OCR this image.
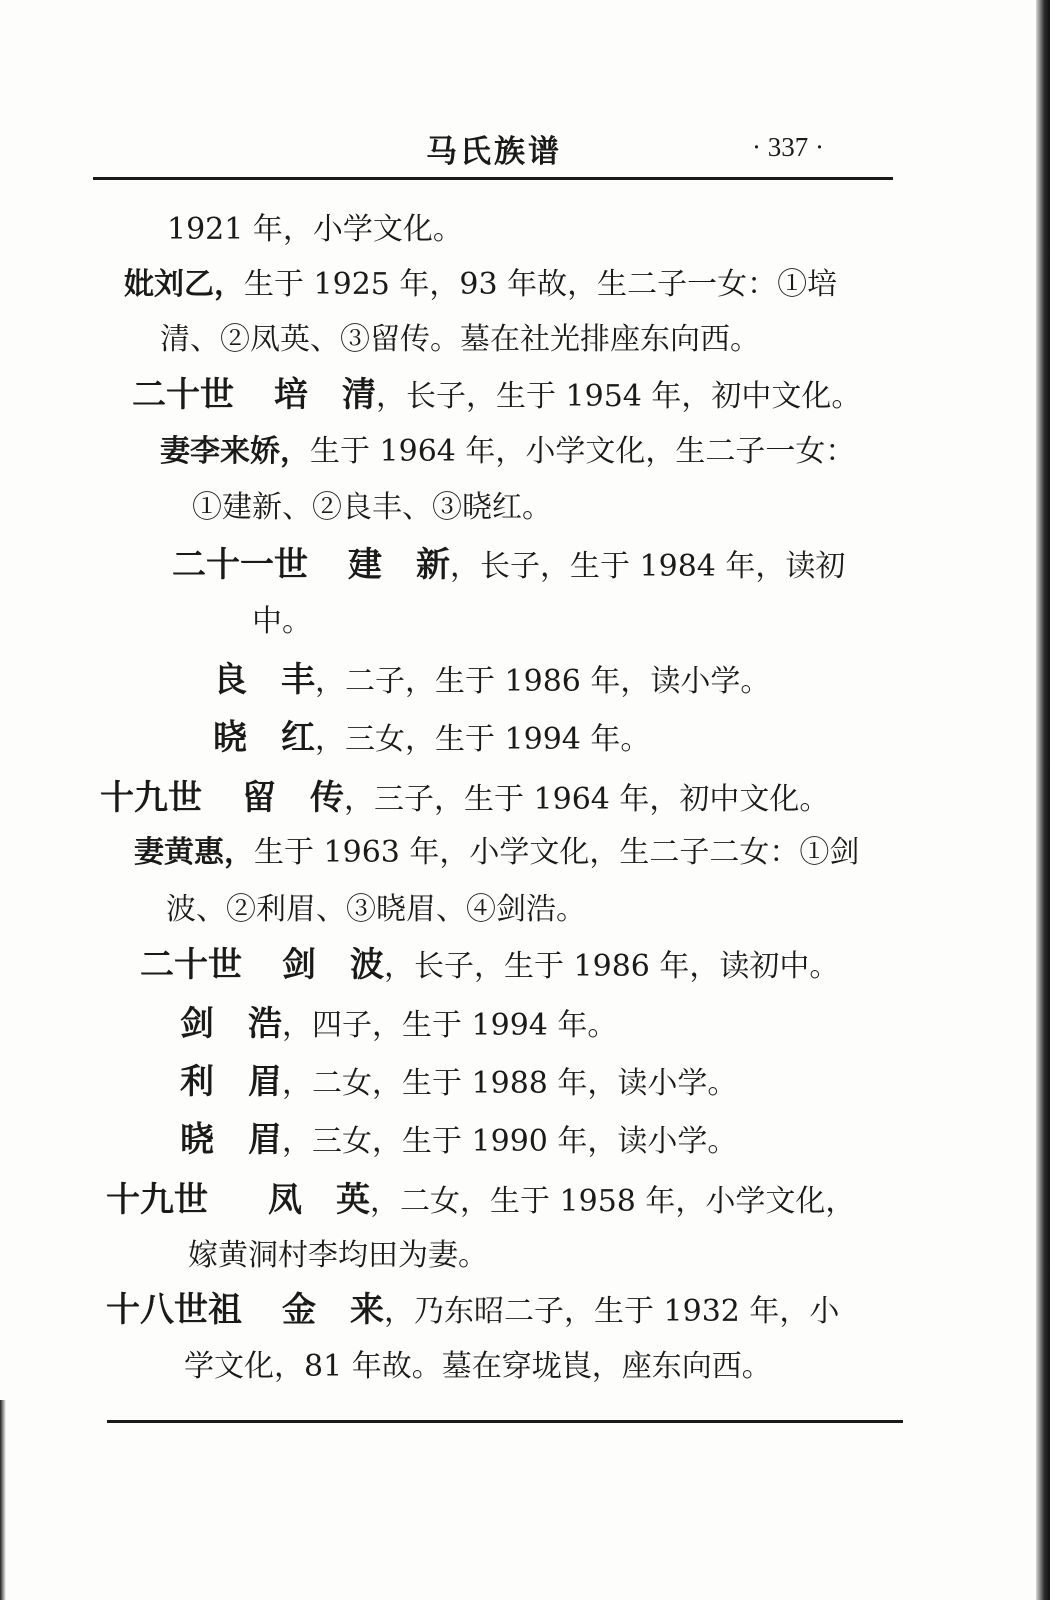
马氏族谱	· 337 ·
1921 年，小学文化。
妣刘乙，生于 1925 年，93 年故，生二子一女：①培
清、②凤英、③留传。墓在社光排座东向西。
二十世 培　清，长子，生于 1954 年，初中文化。
妻李来娇，生于 1964 年，小学文化，生二子一女：
①建新、②良丰、③晓红。
二十一世 建　新，长子，生于 1984 年，读初
中。
良　丰，二子，生于 1986 年，读小学。
晓　红，三女，生于 1994 年。
十九世 留　传，三子，生于 1964 年，初中文化。
妻黄惠，生于 1963 年，小学文化，生二子二女：①剑
波、②利眉、③晓眉、④剑浩。
二十世 剑　波，长子，生于 1986 年，读初中。
剑　浩，四子，生于 1994 年。
利　眉，二女，生于 1988 年，读小学。
晓　眉，三女，生于 1990 年，读小学。
十九世 凤　英，二女，生于 1958 年，小学文化，
嫁黄洞村李均田为妻。
十八世祖 金　来，乃东昭二子，生于 1932 年，小
学文化，81 年故。墓在穿垅崀，座东向西。
